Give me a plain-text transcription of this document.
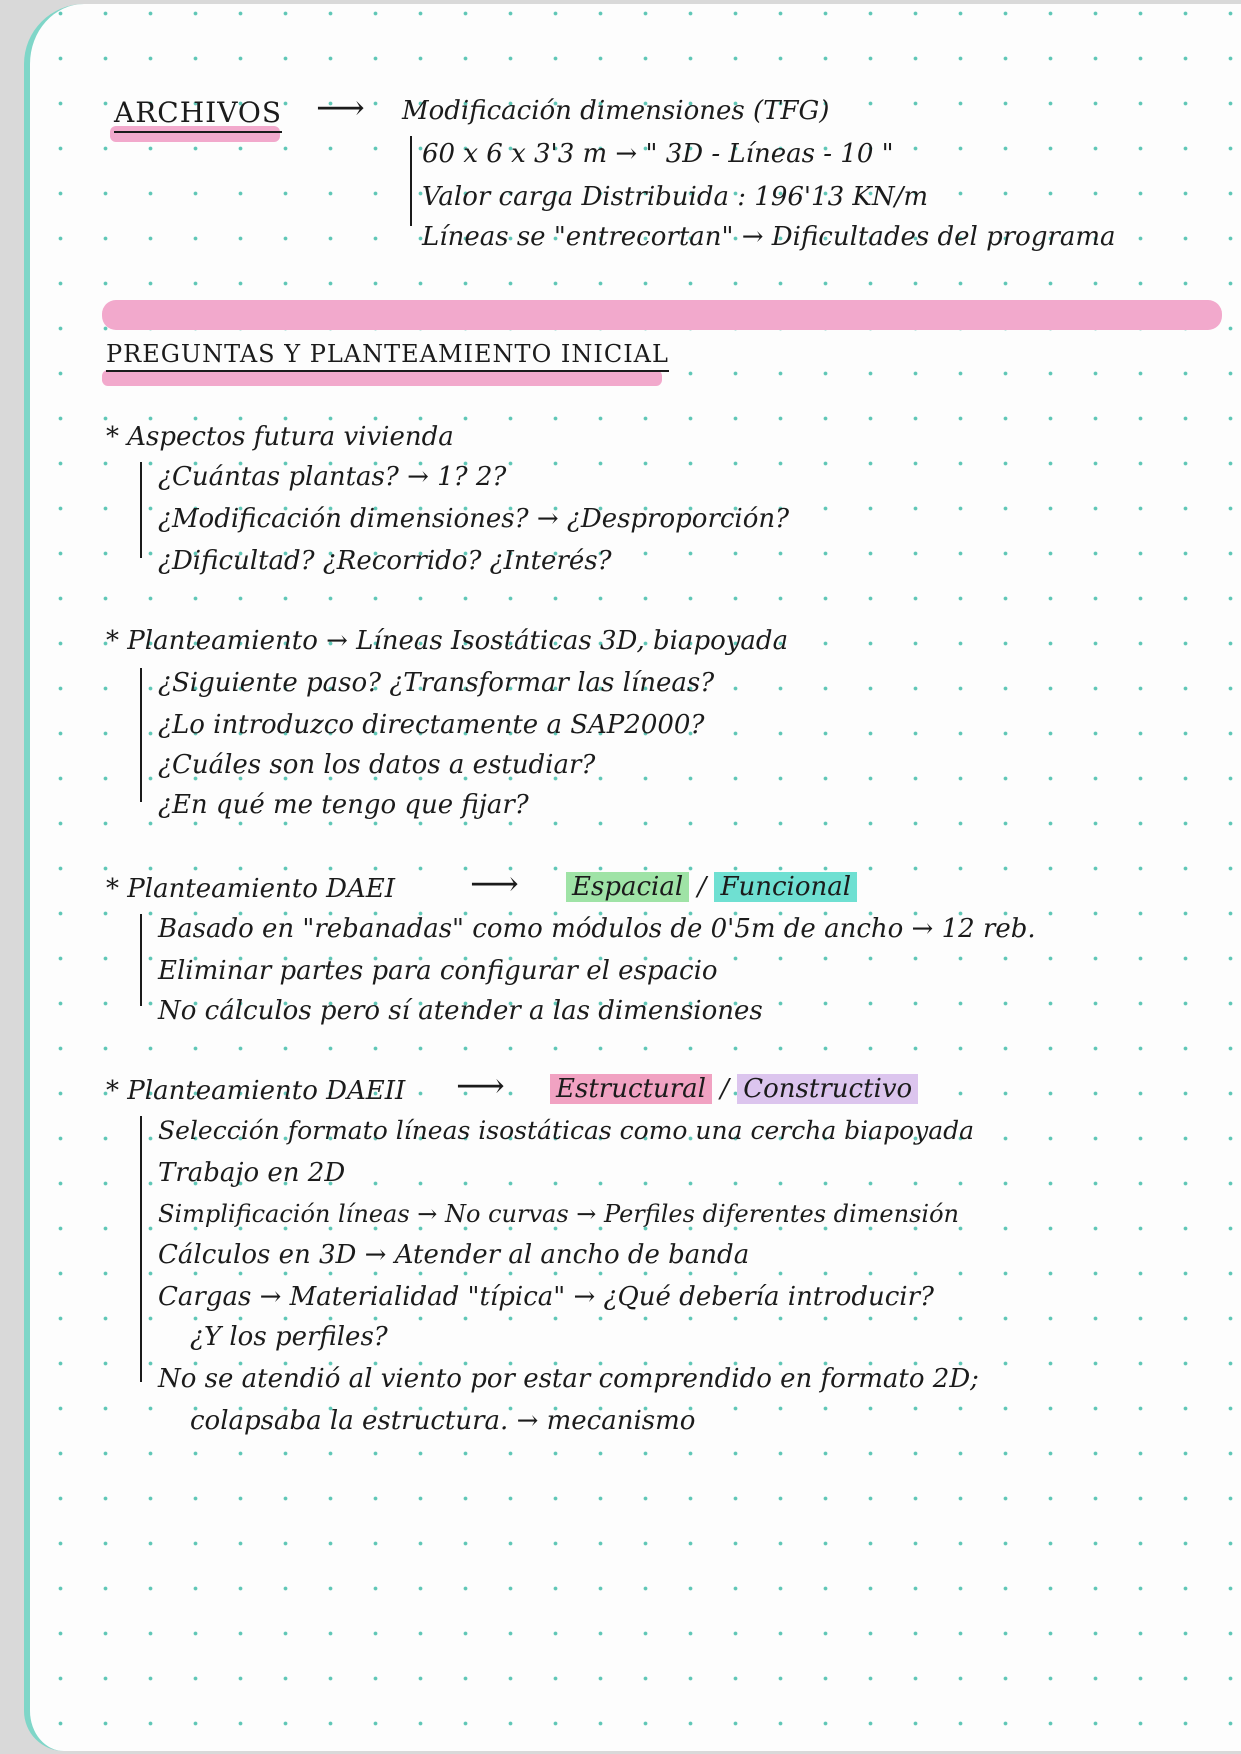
ARCHIVOS ⟶ Modificación dimensiones (TFG)
60 x 6 x 3'3 m → " 3D - Líneas - 10 "
Valor carga Distribuida : 196'13 KN/m
Líneas se "entrecortan" → Dificultades del programa
PREGUNTAS Y PLANTEAMIENTO INICIAL
* Aspectos futura vivienda
¿Cuántas plantas? → 1? 2?
¿Modificación dimensiones? → ¿Desproporción?
¿Dificultad? ¿Recorrido? ¿Interés?
* Planteamiento → Líneas Isostáticas 3D, biapoyada
¿Siguiente paso? ¿Transformar las líneas?
¿Lo introduzco directamente a SAP2000?
¿Cuáles son los datos a estudiar?
¿En qué me tengo que fijar?
* Planteamiento DAEI ⟶ Espacial / Funcional
Basado en "rebanadas" como módulos de 0'5m de ancho → 12 reb.
Eliminar partes para configurar el espacio
No cálculos pero sí atender a las dimensiones
* Planteamiento DAEII ⟶ Estructural / Constructivo
Selección formato líneas isostáticas como una cercha biapoyada
Trabajo en 2D
Simplificación líneas → No curvas → Perfiles diferentes dimensión
Cálculos en 3D → Atender al ancho de banda
Cargas → Materialidad "típica" → ¿Qué debería introducir?
¿Y los perfiles?
No se atendió al viento por estar comprendido en formato 2D;
colapsaba la estructura. → mecanismo
